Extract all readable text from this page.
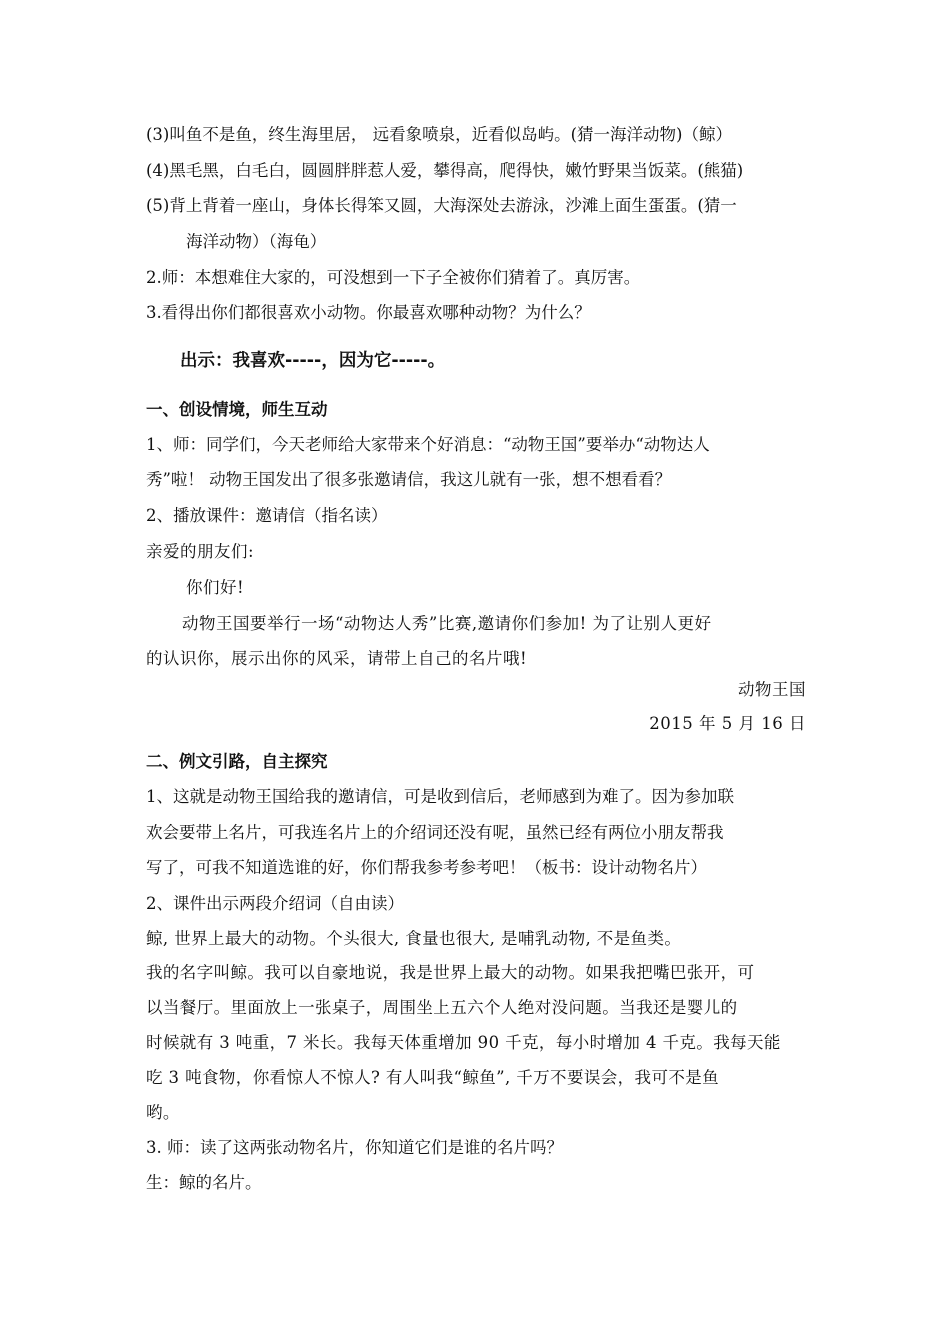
(3)叫鱼不是鱼，终生海里居， 远看象喷泉，近看似岛屿。(猜一海洋动物)（鲸）
(4)黑毛黑，白毛白，圆圆胖胖惹人爱，攀得高，爬得快，嫩竹野果当饭菜。(熊猫)
(5)背上背着一座山，身体长得笨又圆，大海深处去游泳，沙滩上面生蛋蛋。(猜一
海洋动物）（海龟）
2.师：本想难住大家的，可没想到一下子全被你们猜着了。真厉害。
3.看得出你们都很喜欢小动物。你最喜欢哪种动物？为什么？
出示：我喜欢-----，因为它-----。
一、创设情境，师生互动
1、师：同学们，今天老师给大家带来个好消息：“动物王国”要举办“动物达人
秀”啦！ 动物王国发出了很多张邀请信，我这儿就有一张，想不想看看？
2、播放课件：邀请信（指名读）
亲爱的朋友们:
你们好!
动物王国要举行一场“动物达人秀”比赛,邀请你们参加! 为了让别人更好
的认识你，展示出你的风采，请带上自己的名片哦!
动物王国
2015 年 5 月 16 日
二、例文引路，自主探究
1、这就是动物王国给我的邀请信，可是收到信后，老师感到为难了。因为参加联
欢会要带上名片，可我连名片上的介绍词还没有呢，虽然已经有两位小朋友帮我
写了，可我不知道选谁的好，你们帮我参考参考吧！（板书：设计动物名片）
2、课件出示两段介绍词（自由读）
鲸, 世界上最大的动物。个头很大, 食量也很大, 是哺乳动物, 不是鱼类。
我的名字叫鲸。我可以自豪地说，我是世界上最大的动物。如果我把嘴巴张开，可
以当餐厅。里面放上一张桌子，周围坐上五六个人绝对没问题。当我还是婴儿的
时候就有 3 吨重，7 米长。我每天体重增加 90 千克，每小时增加 4 千克。我每天能
吃 3 吨食物，你看惊人不惊人? 有人叫我“鲸鱼”, 千万不要误会，我可不是鱼
哟。
3. 师：读了这两张动物名片，你知道它们是谁的名片吗？
生：鲸的名片。
